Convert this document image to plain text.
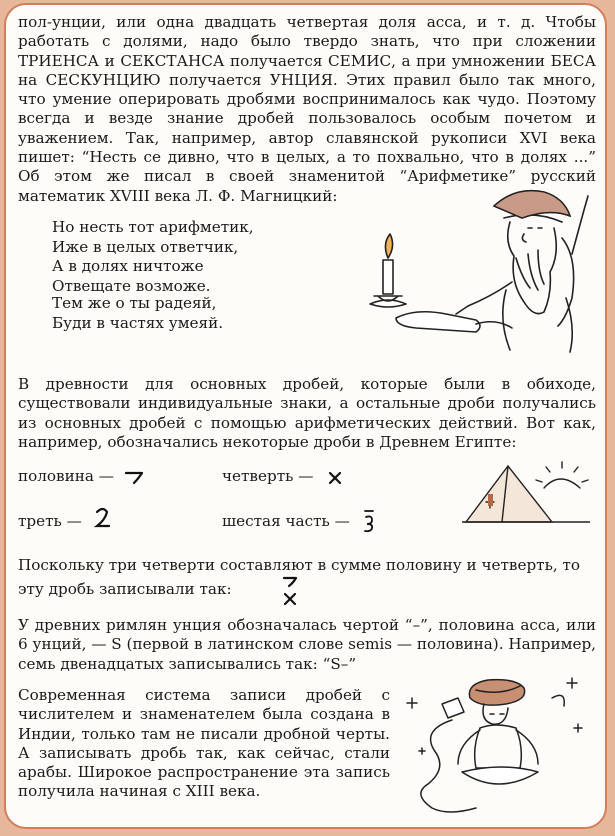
пол-унции, или одна двадцать четвертая доля асса, и т. д. Чтобы работать с долями, надо было твердо знать, что при сложении ТРИЕНСА и СЕКСТАНСА получается СЕМИС, а при умножении БЕСА на СЕСКУНЦИЮ получается УНЦИЯ. Этих правил было так много, что умение оперировать дробями воспринималось как чудо. Поэтому всегда и везде знание дробей пользовалось особым почетом и уважением. Так, например, автор славянской рукописи XVI века пишет: “Несть се дивно, что в целых, а то похвально, что в долях ...” Об этом же писал в своей знаменитой “Арифметике” русский математик XVIII века Л. Ф. Магницкий:

Но несть тот арифметик,
Иже в целых ответчик,
А в долях ничтоже
Отвещате возможе.
Тем же о ты радеяй,
Буди в частях умеяй.

В древности для основных дробей, которые были в обиходе, существовали индивидуальные знаки, а остальные дроби получались из основных дробей с помощью арифметических действий. Вот как, например, обозначались некоторые дроби в Древнем Египте:

половина —	четверть —
треть —	шестая часть —

Поскольку три четверти составляют в сумме половину и четверть, то

эту дробь записывали так:

У древних римлян унция обозначалась чертой “–”, половина асса, или 6 унций, — S (первой в латинском слове semis — половина). Например, семь двенадцатых записывались так: “S–”

Современная система записи дробей с числителем и знаменателем была создана в Индии, только там не писали дробной черты. А записывать дробь так, как сейчас, стали арабы. Широкое распространение эта запись получила начиная с XIII века.
